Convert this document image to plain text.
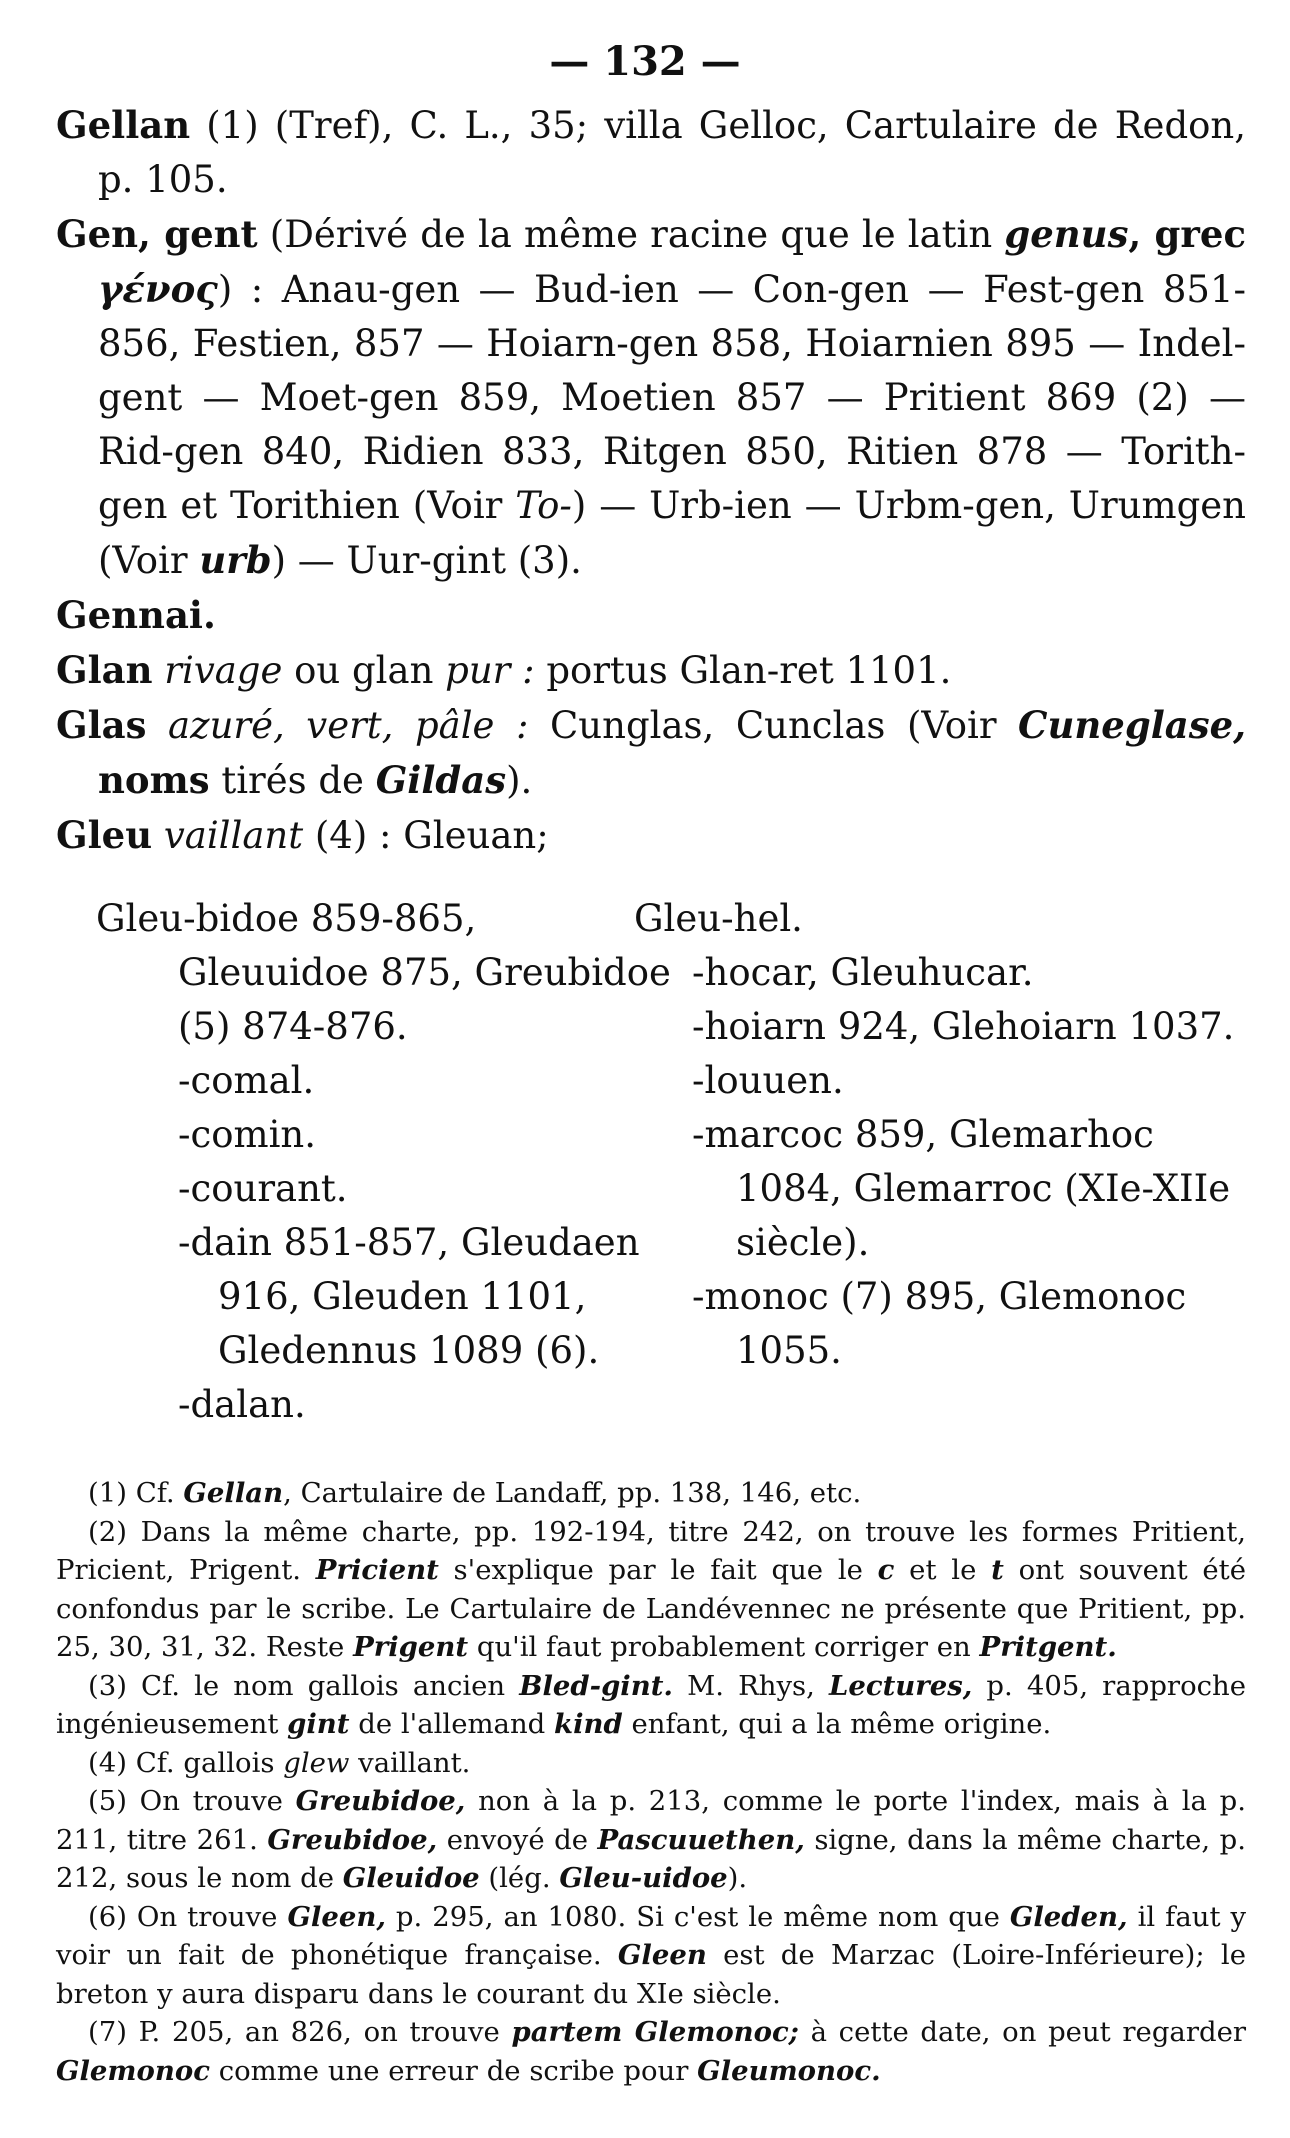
— 132 —

Gellan (1) (Tref), C. L., 35; villa Gelloc, Cartulaire de Redon, p. 105.

Gen, gent (Dérivé de la même racine que le latin genus, grec γένος) : Anau-gen — Bud-ien — Con-gen — Fest-gen 851-856, Festien, 857 — Hoiarn-gen 858, Hoiarnien 895 — Indel-gent — Moet-gen 859, Moetien 857 — Pritient 869 (2) — Rid-gen 840, Ridien 833, Ritgen 850, Ritien 878 — Torith-gen et Torithien (Voir To-) — Urb-ien — Urbm-gen, Urumgen (Voir urb) — Uur-gint (3).

Gennai.

Glan rivage ou glan pur : portus Glan-ret 1101.

Glas azuré, vert, pâle : Cunglas, Cunclas (Voir Cuneglase, noms tirés de Gildas).

Gleu vaillant (4) : Gleuan;

Gleu-bidoe 859-865, Gleuuidoe 875, Greubidoe (5) 874-876.

-comal.

-comin.

-courant.

-dain 851-857, Gleudaen 916, Gleuden 1101, Gledennus 1089 (6).

-dalan.

Gleu-hel.

-hocar, Gleuhucar.

-hoiarn 924, Glehoiarn 1037.

-louuen.

-marcoc 859, Glemarhoc 1084, Glemarroc (XIe-XIIe siècle).

-monoc (7) 895, Glemonoc 1055.

(1) Cf. Gellan, Cartulaire de Landaff, pp. 138, 146, etc.

(2) Dans la même charte, pp. 192-194, titre 242, on trouve les formes Pritient, Pricient, Prigent. Pricient s'explique par le fait que le c et le t ont souvent été confondus par le scribe. Le Cartulaire de Landévennec ne présente que Pritient, pp. 25, 30, 31, 32. Reste Prigent qu'il faut probablement corriger en Pritgent.

(3) Cf. le nom gallois ancien Bled-gint. M. Rhys, Lectures, p. 405, rapproche ingénieusement gint de l'allemand kind enfant, qui a la même origine.

(4) Cf. gallois glew vaillant.

(5) On trouve Greubidoe, non à la p. 213, comme le porte l'index, mais à la p. 211, titre 261. Greubidoe, envoyé de Pascuuethen, signe, dans la même charte, p. 212, sous le nom de Gleuidoe (lég. Gleu-uidoe).

(6) On trouve Gleen, p. 295, an 1080. Si c'est le même nom que Gleden, il faut y voir un fait de phonétique française. Gleen est de Marzac (Loire-Inférieure); le breton y aura disparu dans le courant du XIe siècle.

(7) P. 205, an 826, on trouve partem Glemonoc; à cette date, on peut regarder Glemonoc comme une erreur de scribe pour Gleumonoc.
